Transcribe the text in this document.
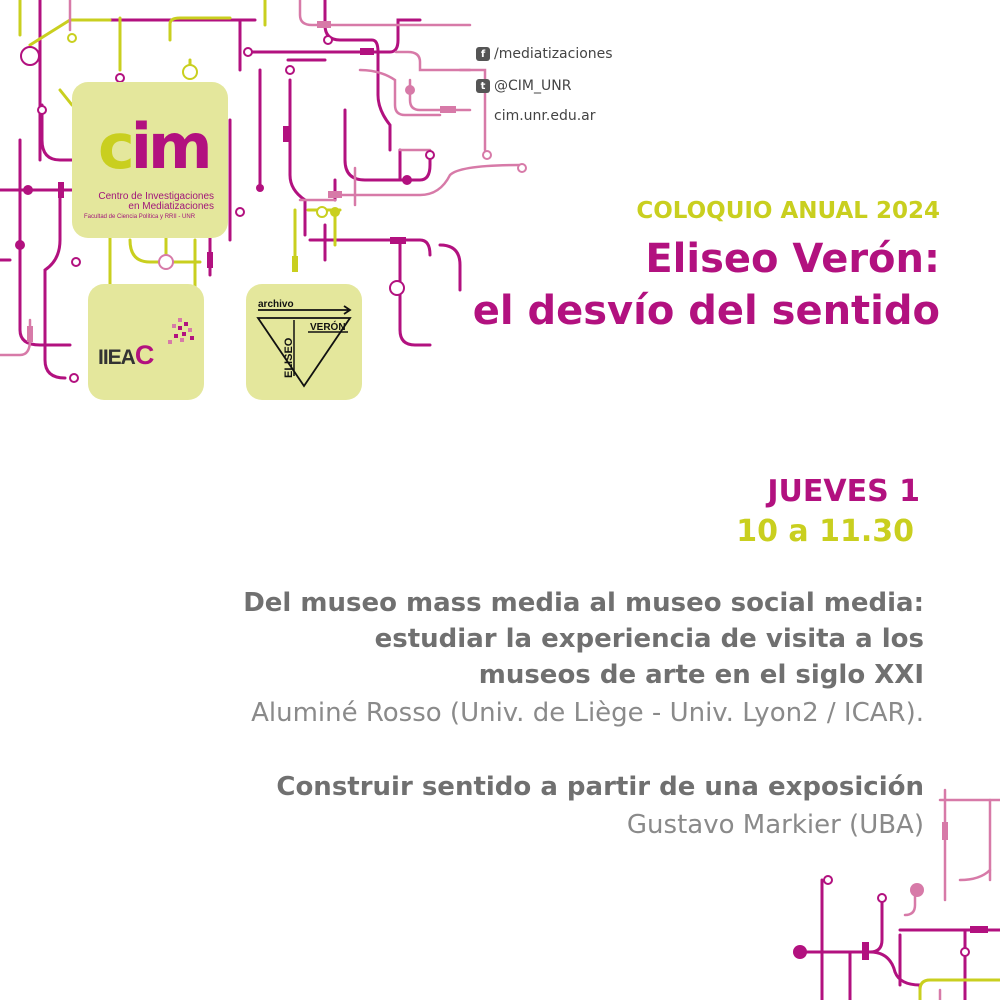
cim
Centro de Investigaciones
en Mediatizaciones
Facultad de Ciencia Política y RRII - UNR
IIEAC
archivo
VERÓN
ELISEO
f /mediatizaciones
t @CIM_UNR
cim.unr.edu.ar
COLOQUIO ANUAL 2024
Eliseo Verón:
el desvío del sentido
JUEVES 1
10 a 11.30
Del museo mass media al museo social media:
estudiar la experiencia de visita a los
museos de arte en el siglo XXI
Aluminé Rosso (Univ. de Liège - Univ. Lyon2 / ICAR).
Construir sentido a partir de una exposición
Gustavo Markier (UBA)
